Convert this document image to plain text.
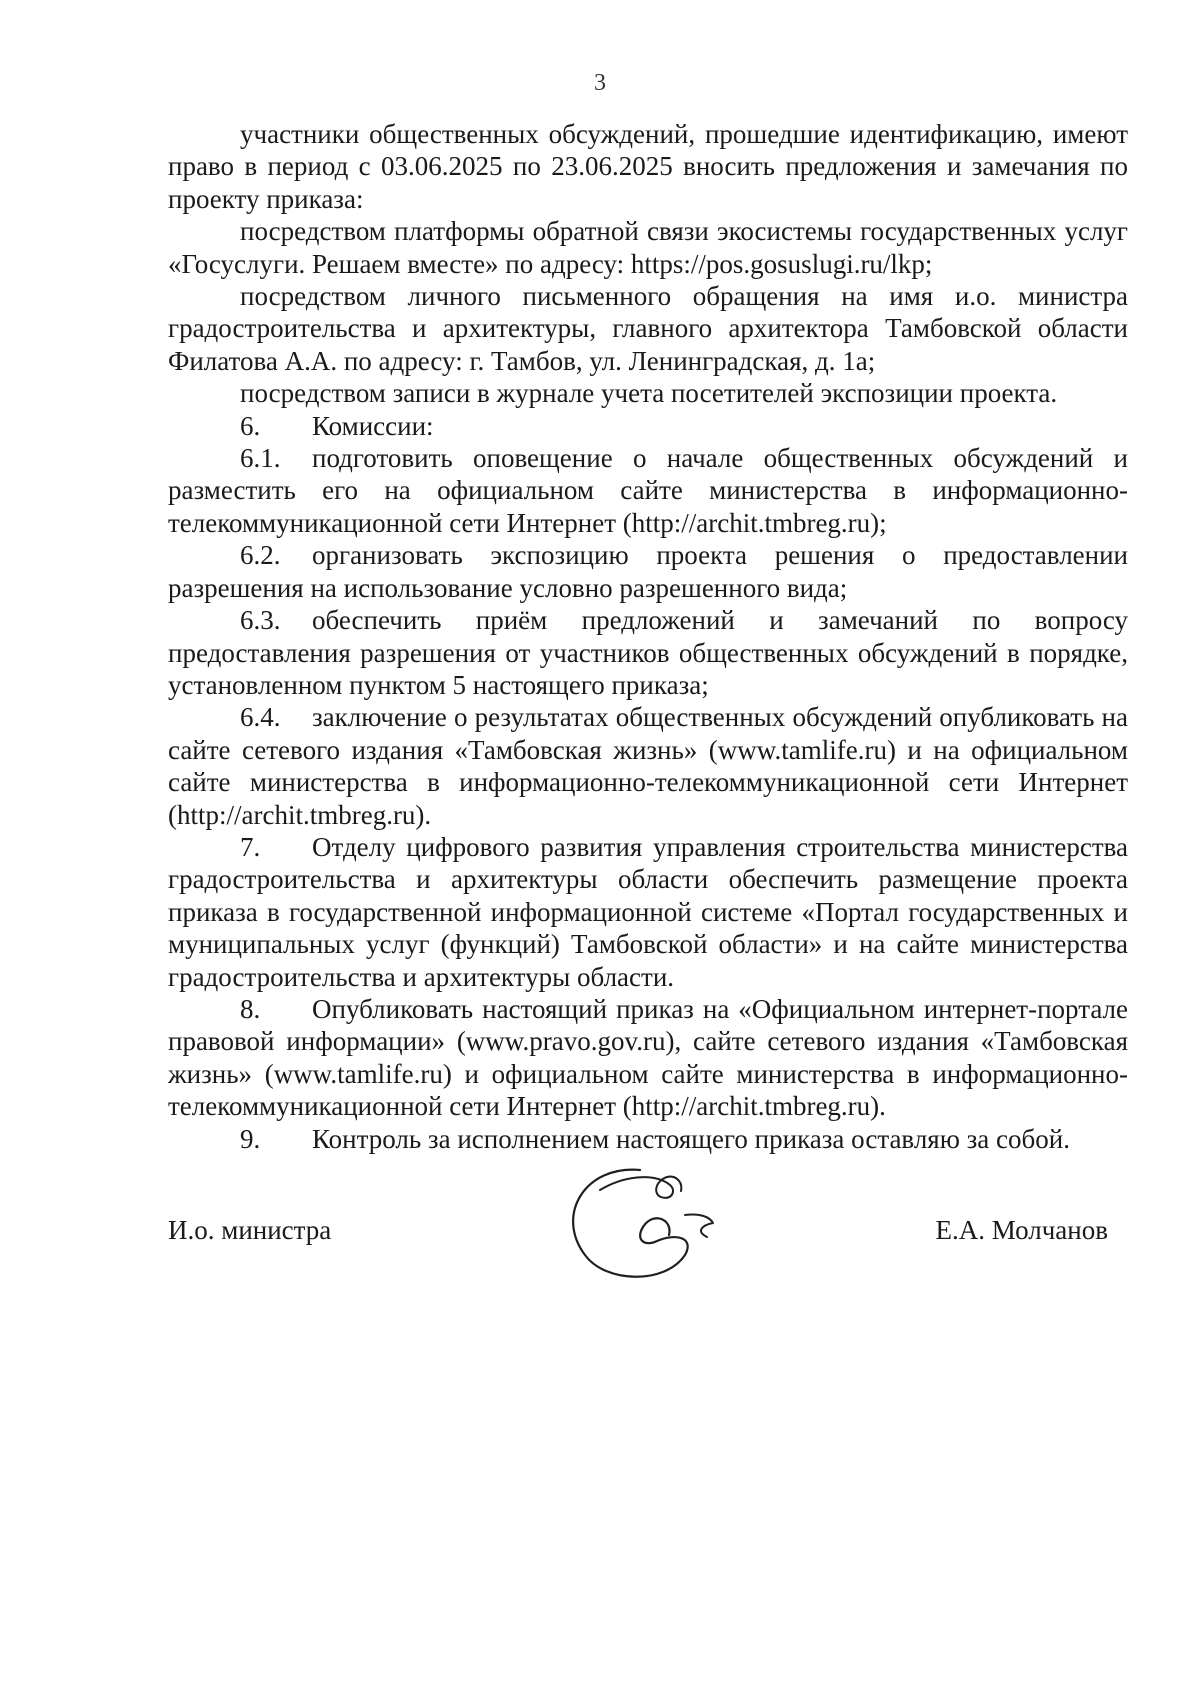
3

участники общественных обсуждений, прошедшие идентификацию, имеют право в период с 03.06.2025 по 23.06.2025 вносить предложения и замечания по проекту приказа:

посредством платформы обратной связи экосистемы государственных услуг «Госуслуги. Решаем вместе» по адресу: https://pos.gosuslugi.ru/lkp;

посредством личного письменного обращения на имя и.о. министра градостроительства и архитектуры, главного архитектора Тамбовской области Филатова А.А. по адресу: г. Тамбов, ул. Ленинградская, д. 1а;

посредством записи в журнале учета посетителей экспозиции проекта.

6. Комиссии:

6.1. подготовить оповещение о начале общественных обсуждений и разместить его на официальном сайте министерства в информационно-телекоммуникационной сети Интернет (http://archit.tmbreg.ru);

6.2. организовать экспозицию проекта решения о предоставлении разрешения на использование условно разрешенного вида;

6.3. обеспечить приём предложений и замечаний по вопросу предоставления разрешения от участников общественных обсуждений в порядке, установленном пунктом 5 настоящего приказа;

6.4. заключение о результатах общественных обсуждений опубликовать на сайте сетевого издания «Тамбовская жизнь» (www.tamlife.ru) и на официальном сайте министерства в информационно-телекоммуникационной сети Интернет (http://archit.tmbreg.ru).

7. Отделу цифрового развития управления строительства министерства градостроительства и архитектуры области обеспечить размещение проекта приказа в государственной информационной системе «Портал государственных и муниципальных услуг (функций) Тамбовской области» и на сайте министерства градостроительства и архитектуры области.

8. Опубликовать настоящий приказ на «Официальном интернет-портале правовой информации» (www.pravo.gov.ru), сайте сетевого издания «Тамбовская жизнь» (www.tamlife.ru) и официальном сайте министерства в информационно-телекоммуникационной сети Интернет (http://archit.tmbreg.ru).

9. Контроль за исполнением настоящего приказа оставляю за собой.

И.о. министра	Е.А. Молчанов
